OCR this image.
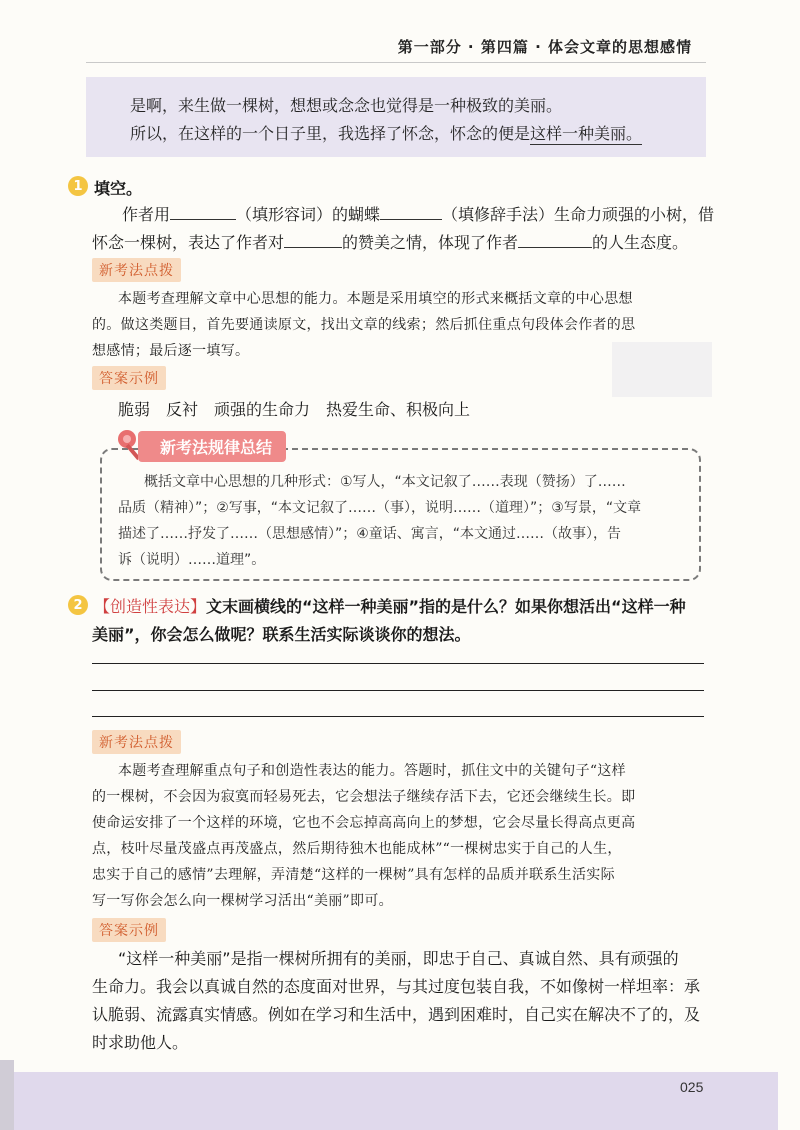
第一部分 · 第四篇 · 体会文章的思想感情
是啊，来生做一棵树，想想或念念也觉得是一种极致的美丽。
所以，在这样的一个日子里，我选择了怀念，怀念的便是这样一种美丽。
1 填空。
作者用	（填形容词）的蝴蝶	（填修辞手法）生命力顽强的小树，借
怀念一棵树，表达了作者对	的赞美之情，体现了作者	的人生态度。
新考法点拨
本题考查理解文章中心思想的能力。本题是采用填空的形式来概括文章的中心思想
的。做这类题目，首先要通读原文，找出文章的线索；然后抓住重点句段体会作者的思
想感情；最后逐一填写。
答案示例
脆弱　反衬　顽强的生命力　热爱生命、积极向上
新考法规律总结
概括文章中心思想的几种形式：①写人，“本文记叙了……表现（赞扬）了……
品质（精神）”；②写事，“本文记叙了……（事），说明……（道理）”；③写景，“文章
描述了……抒发了……（思想感情）”；④童话、寓言，“本文通过……（故事），告
诉（说明）……道理”。
2 【创造性表达】文末画横线的“这样一种美丽”指的是什么？如果你想活出“这样一种
美丽”，你会怎么做呢？联系生活实际谈谈你的想法。
新考法点拨
本题考查理解重点句子和创造性表达的能力。答题时，抓住文中的关键句子“这样
的一棵树，不会因为寂寞而轻易死去，它会想法子继续存活下去，它还会继续生长。即
使命运安排了一个这样的环境，它也不会忘掉高高向上的梦想，它会尽量长得高点更高
点，枝叶尽量茂盛点再茂盛点，然后期待独木也能成林”“一棵树忠实于自己的人生，
忠实于自己的感情”去理解，弄清楚“这样的一棵树”具有怎样的品质并联系生活实际
写一写你会怎么向一棵树学习活出“美丽”即可。
答案示例
“这样一种美丽”是指一棵树所拥有的美丽，即忠于自己、真诚自然、具有顽强的
生命力。我会以真诚自然的态度面对世界，与其过度包装自我，不如像树一样坦率：承
认脆弱、流露真实情感。例如在学习和生活中，遇到困难时，自己实在解决不了的，及
时求助他人。
025
